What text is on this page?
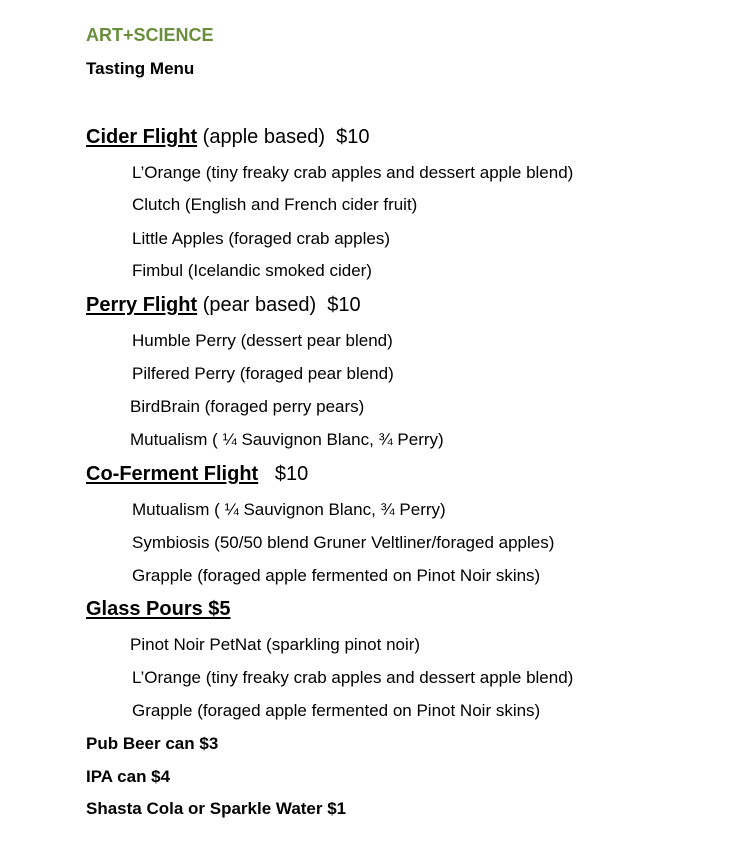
ART+SCIENCE
Tasting Menu
Cider Flight (apple based) $10
L’Orange (tiny freaky crab apples and dessert apple blend)
Clutch (English and French cider fruit)
Little Apples (foraged crab apples)
Fimbul (Icelandic smoked cider)
Perry Flight (pear based) $10
Humble Perry (dessert pear blend)
Pilfered Perry (foraged pear blend)
BirdBrain (foraged perry pears)
Mutualism ( ¼ Sauvignon Blanc, ¾ Perry)
Co-Ferment Flight $10
Mutualism ( ¼ Sauvignon Blanc, ¾ Perry)
Symbiosis (50/50 blend Gruner Veltliner/foraged apples)
Grapple (foraged apple fermented on Pinot Noir skins)
Glass Pours $5
Pinot Noir PetNat (sparkling pinot noir)
L’Orange (tiny freaky crab apples and dessert apple blend)
Grapple (foraged apple fermented on Pinot Noir skins)
Pub Beer can $3
IPA can $4
Shasta Cola or Sparkle Water $1
